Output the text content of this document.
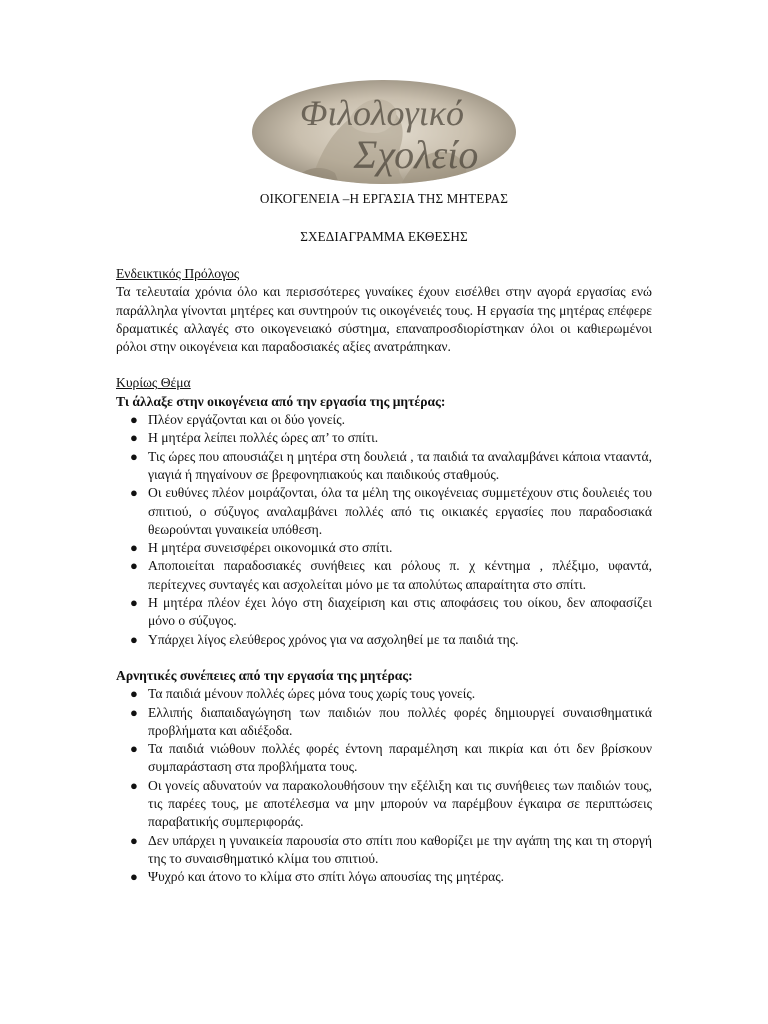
Φιλολογικό
Σχολείο
ΟΙΚΟΓΕΝΕΙΑ –Η ΕΡΓΑΣΙΑ ΤΗΣ ΜΗΤΕΡΑΣ
ΣΧΕΔΙΑΓΡΑΜΜΑ ΕΚΘΕΣΗΣ

Ενδεικτικός Πρόλογος

Τα τελευταία χρόνια όλο και περισσότερες γυναίκες έχουν εισέλθει στην αγορά εργασίας ενώ παράλληλα γίνονται μητέρες και συντηρούν τις οικογένειές τους. Η εργασία της μητέρας επέφερε δραματικές αλλαγές στο οικογενειακό σύστημα, επαναπροσδιορίστηκαν όλοι οι καθιερωμένοι ρόλοι στην οικογένεια και παραδοσιακές αξίες ανατράπηκαν.

Κυρίως Θέμα

Τι άλλαξε στην οικογένεια από την εργασία της μητέρας:

● Πλέον εργάζονται και οι δύο γονείς.
● Η μητέρα λείπει πολλές ώρες απ’ το σπίτι.
● Τις ώρες που απουσιάζει η μητέρα στη δουλειά , τα παιδιά τα αναλαμβάνει κάποια ντααντά, γιαγιά ή πηγαίνουν σε βρεφονηπιακούς και παιδικούς σταθμούς.
● Οι ευθύνες πλέον μοιράζονται, όλα τα μέλη της οικογένειας συμμετέχουν στις δουλειές του σπιτιού, ο σύζυγος αναλαμβάνει πολλές από τις οικιακές εργασίες που παραδοσιακά θεωρούνται γυναικεία υπόθεση.
● Η μητέρα συνεισφέρει οικονομικά στο σπίτι.
● Αποποιείται παραδοσιακές συνήθειες και ρόλους π. χ κέντημα , πλέξιμο, υφαντά, περίτεχνες συνταγές και ασχολείται μόνο με τα απολύτως απαραίτητα στο σπίτι.
● Η μητέρα πλέον έχει λόγο στη διαχείριση και στις αποφάσεις του οίκου, δεν αποφασίζει μόνο ο σύζυγος.
● Υπάρχει λίγος ελεύθερος χρόνος για να ασχοληθεί με τα παιδιά της.

Αρνητικές συνέπειες από την εργασία της μητέρας:

● Τα παιδιά μένουν πολλές ώρες μόνα τους χωρίς τους γονείς.
● Ελλιπής διαπαιδαγώγηση των παιδιών που πολλές φορές δημιουργεί συναισθηματικά προβλήματα και αδιέξοδα.
● Τα παιδιά νιώθουν πολλές φορές έντονη παραμέληση και πικρία και ότι δεν βρίσκουν συμπαράσταση στα προβλήματα τους.
● Οι γονείς αδυνατούν να παρακολουθήσουν την εξέλιξη και τις συνήθειες των παιδιών τους, τις παρέες τους, με αποτέλεσμα να μην μπορούν να παρέμβουν έγκαιρα σε περιπτώσεις παραβατικής συμπεριφοράς.
● Δεν υπάρχει η γυναικεία παρουσία στο σπίτι που καθορίζει με την αγάπη της και τη στοργή της το συναισθηματικό κλίμα του σπιτιού.
● Ψυχρό και άτονο το κλίμα στο σπίτι λόγω απουσίας της μητέρας.
